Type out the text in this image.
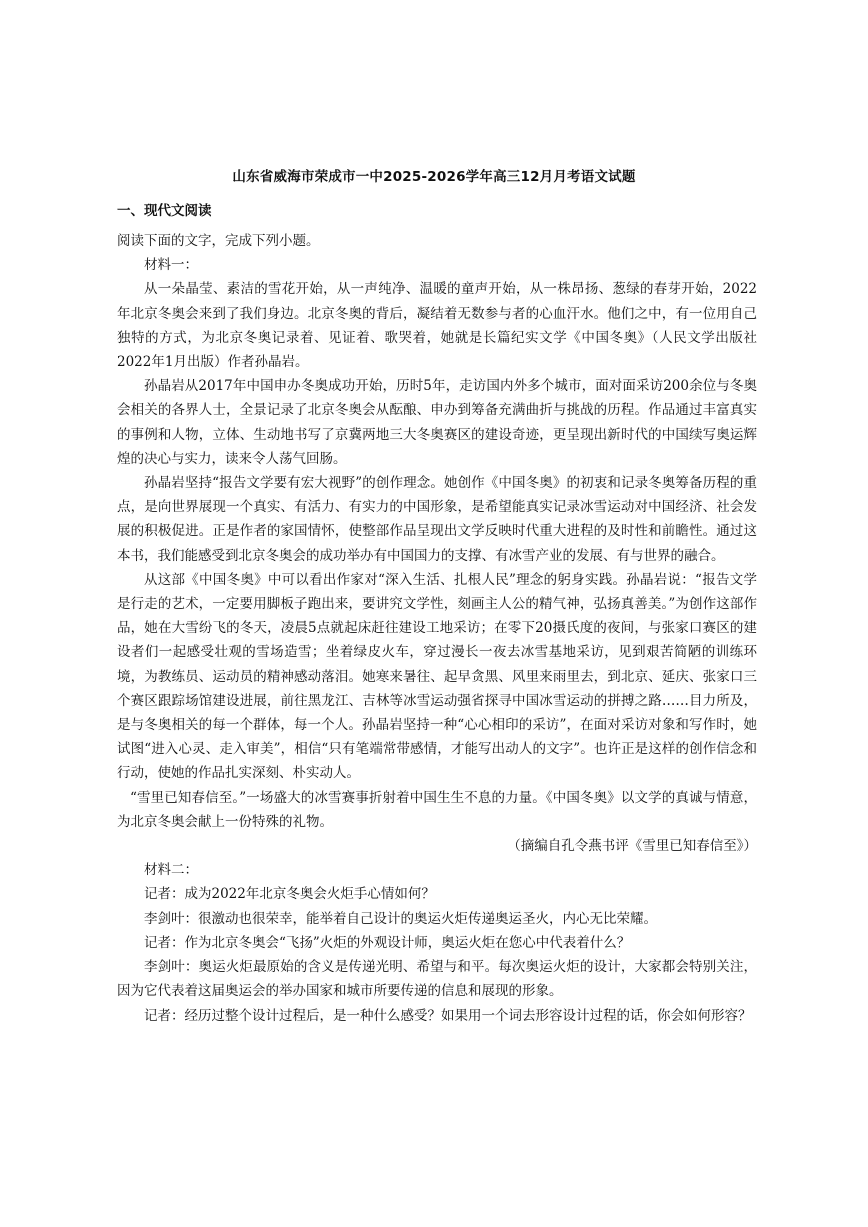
山东省威海市荣成市一中2025-2026学年高三12月月考语文试题
一、现代文阅读

阅读下面的文字，完成下列小题。

材料一：

从一朵晶莹、素洁的雪花开始，从一声纯净、温暖的童声开始，从一株昂扬、葱绿的春芽开始，2022年北京冬奥会来到了我们身边。北京冬奥的背后，凝结着无数参与者的心血汗水。他们之中，有一位用自己独特的方式，为北京冬奥记录着、见证着、歌哭着，她就是长篇纪实文学《中国冬奥》（人民文学出版社2022年1月出版）作者孙晶岩。

孙晶岩从2017年中国申办冬奥成功开始，历时5年，走访国内外多个城市，面对面采访200余位与冬奥会相关的各界人士，全景记录了北京冬奥会从酝酿、申办到筹备充满曲折与挑战的历程。作品通过丰富真实的事例和人物，立体、生动地书写了京冀两地三大冬奥赛区的建设奇迹，更呈现出新时代的中国续写奥运辉煌的决心与实力，读来令人荡气回肠。

孙晶岩坚持“报告文学要有宏大视野”的创作理念。她创作《中国冬奥》的初衷和记录冬奥筹备历程的重点，是向世界展现一个真实、有活力、有实力的中国形象，是希望能真实记录冰雪运动对中国经济、社会发展的积极促进。正是作者的家国情怀，使整部作品呈现出文学反映时代重大进程的及时性和前瞻性。通过这本书，我们能感受到北京冬奥会的成功举办有中国国力的支撑、有冰雪产业的发展、有与世界的融合。

从这部《中国冬奥》中可以看出作家对“深入生活、扎根人民”理念的躬身实践。孙晶岩说：“报告文学是行走的艺术，一定要用脚板子跑出来，要讲究文学性，刻画主人公的精气神，弘扬真善美。”为创作这部作品，她在大雪纷飞的冬天，凌晨5点就起床赶往建设工地采访；在零下20摄氏度的夜间，与张家口赛区的建设者们一起感受壮观的雪场造雪；坐着绿皮火车，穿过漫长一夜去冰雪基地采访，见到艰苦简陋的训练环境，为教练员、运动员的精神感动落泪。她寒来暑往、起早贪黑、风里来雨里去，到北京、延庆、张家口三个赛区跟踪场馆建设进展，前往黑龙江、吉林等冰雪运动强省探寻中国冰雪运动的拼搏之路……目力所及，是与冬奥相关的每一个群体，每一个人。孙晶岩坚持一种“心心相印的采访”，在面对采访对象和写作时，她试图“进入心灵、走入审美”，相信“只有笔端常带感情，才能写出动人的文字”。也许正是这样的创作信念和行动，使她的作品扎实深刻、朴实动人。

“雪里已知春信至。”一场盛大的冰雪赛事折射着中国生生不息的力量。《中国冬奥》以文学的真诚与情意，为北京冬奥会献上一份特殊的礼物。

（摘编自孔令燕书评《雪里已知春信至》）

材料二：

记者：成为2022年北京冬奥会火炬手心情如何？

李剑叶：很激动也很荣幸，能举着自己设计的奥运火炬传递奥运圣火，内心无比荣耀。

记者：作为北京冬奥会“飞扬”火炬的外观设计师，奥运火炬在您心中代表着什么？

李剑叶：奥运火炬最原始的含义是传递光明、希望与和平。每次奥运火炬的设计，大家都会特别关注，因为它代表着这届奥运会的举办国家和城市所要传递的信息和展现的形象。

记者：经历过整个设计过程后，是一种什么感受？如果用一个词去形容设计过程的话，你会如何形容？
